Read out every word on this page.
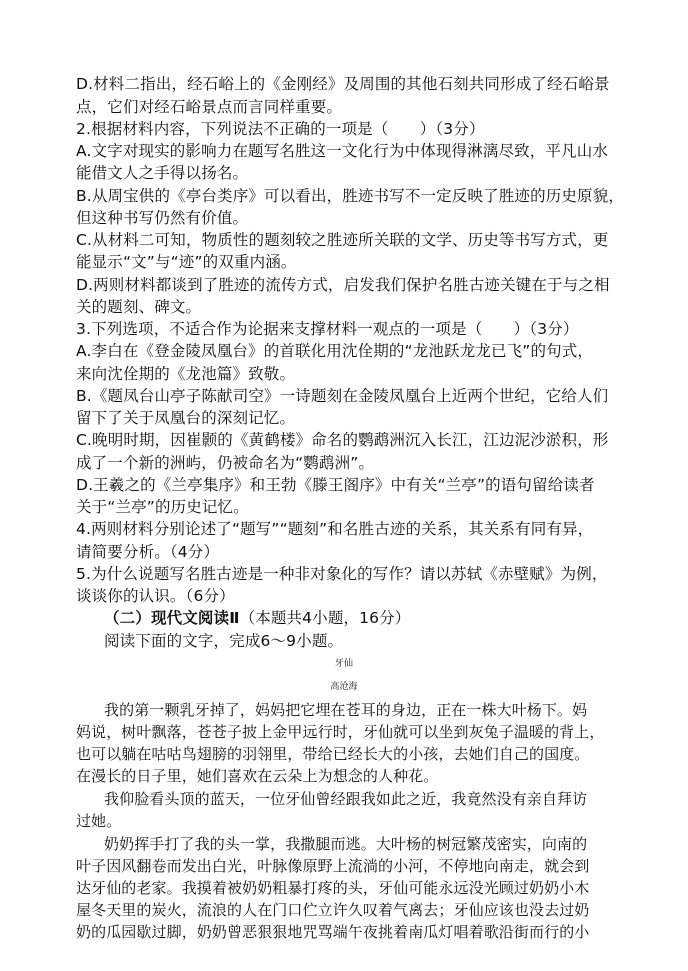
D.材料二指出，经石峪上的《金刚经》及周围的其他石刻共同形成了经石峪景
点，它们对经石峪景点而言同样重要。
2.根据材料内容，下列说法不正确的一项是（　　）（3分）
A.文字对现实的影响力在题写名胜这一文化行为中体现得淋漓尽致，平凡山水
能借文人之手得以扬名。
B.从周宝供的《亭台类序》可以看出，胜迹书写不一定反映了胜迹的历史原貌，
但这种书写仍然有价值。
C.从材料二可知，物质性的题刻较之胜迹所关联的文学、历史等书写方式，更
能显示“文”与“迹”的双重内涵。
D.两则材料都谈到了胜迹的流传方式，启发我们保护名胜古迹关键在于与之相
关的题刻、碑文。
3.下列选项，不适合作为论据来支撑材料一观点的一项是（　　）（3分）
A.李白在《登金陵凤凰台》的首联化用沈佺期的“龙池跃龙龙已飞”的句式，
来向沈佺期的《龙池篇》致敬。
B.《题凤台山亭子陈献司空》一诗题刻在金陵凤凰台上近两个世纪，它给人们
留下了关于凤凰台的深刻记忆。
C.晚明时期，因崔颢的《黄鹤楼》命名的鹦鹉洲沉入长江，江边泥沙淤积，形
成了一个新的洲屿，仍被命名为“鹦鹉洲”。
D.王羲之的《兰亭集序》和王勃《滕王阁序》中有关“兰亭”的语句留给读者
关于“兰亭”的历史记忆。
4.两则材料分别论述了“题写”“题刻”和名胜古迹的关系，其关系有同有异，
请简要分析。（4分）
5.为什么说题写名胜古迹是一种非对象化的写作？请以苏轼《赤壁赋》为例，
谈谈你的认识。（6分）
（二）现代文阅读Ⅱ（本题共4小题，16分）
阅读下面的文字，完成6～9小题。
牙仙
高沧海
我的第一颗乳牙掉了，妈妈把它埋在苍耳的身边，正在一株大叶杨下。妈
妈说，树叶飘落，苍苍子披上金甲远行时，牙仙就可以坐到灰兔子温暖的背上，
也可以躺在咕咕鸟翅膀的羽翎里，带给已经长大的小孩，去她们自己的国度。
在漫长的日子里，她们喜欢在云朵上为想念的人种花。
我仰脸看头顶的蓝天，一位牙仙曾经跟我如此之近，我竟然没有亲自拜访
过她。
奶奶挥手打了我的头一掌，我撒腿而逃。大叶杨的树冠繁茂密实，向南的
叶子因风翻卷而发出白光，叶脉像原野上流淌的小河，不停地向南走，就会到
达牙仙的老家。我摸着被奶奶粗暴打疼的头，牙仙可能永远没光顾过奶奶小木
屋冬天里的炭火，流浪的人在门口伫立许久叹着气离去；牙仙应该也没去过奶
奶的瓜园歇过脚，奶奶曾恶狠狠地咒骂端午夜挑着南瓜灯唱着歌沿街而行的小
